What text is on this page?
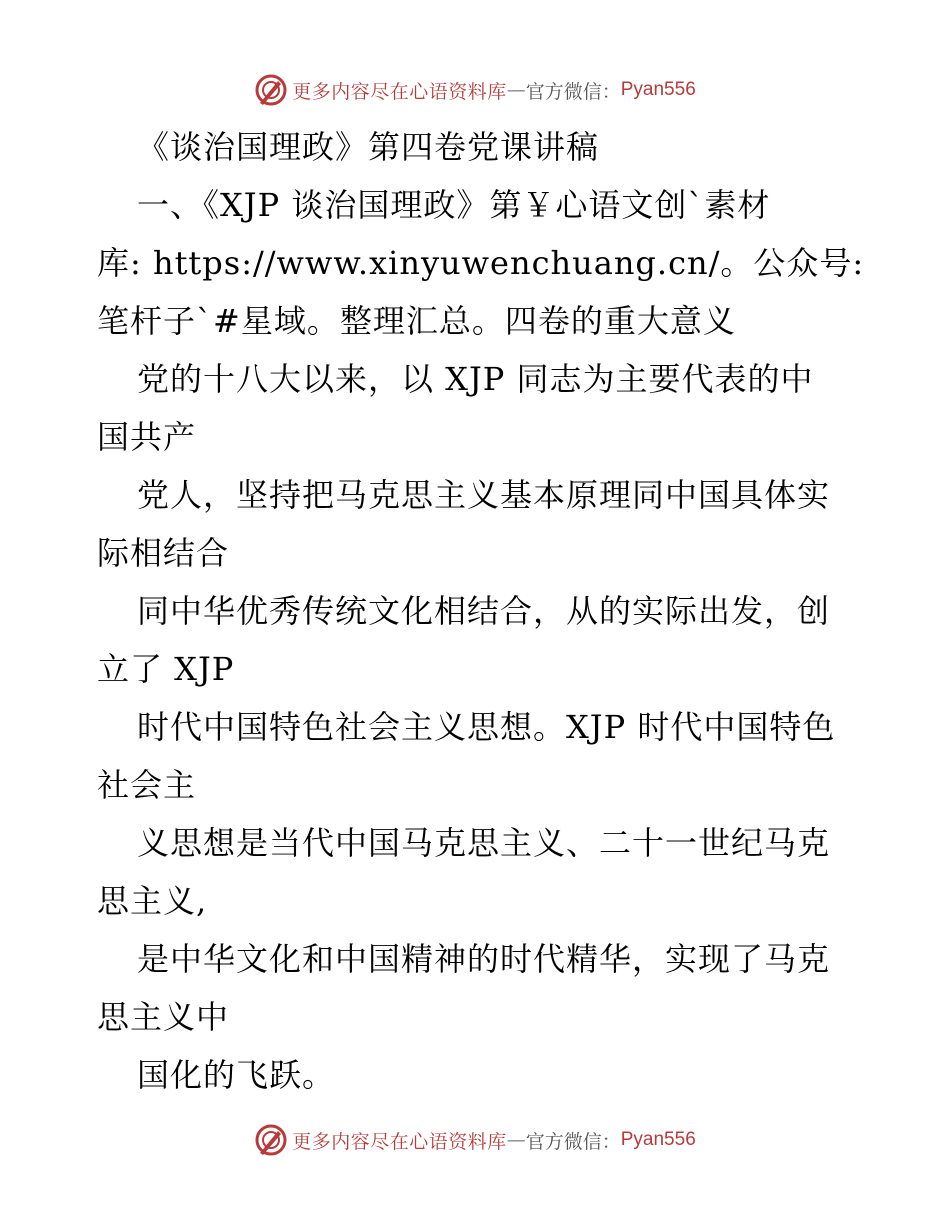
更多内容尽在心语资料库 — 官方微信： Pyan556
《谈治国理政》第四卷党课讲稿
一、《XJP 谈治国理政》第￥心语文创`素材
库: https://www.xinyuwenchuang.cn/。公众号:
笔杆子`#星域。整理汇总。四卷的重大意义
党的十八大以来，以 XJP 同志为主要代表的中
国共产
党人，坚持把马克思主义基本原理同中国具体实
际相结合
同中华优秀传统文化相结合，从的实际出发，创
立了 XJP
时代中国特色社会主义思想。XJP 时代中国特色
社会主
义思想是当代中国马克思主义、二十一世纪马克
思主义,
是中华文化和中国精神的时代精华，实现了马克
思主义中
国化的飞跃。
更多内容尽在心语资料库 — 官方微信： Pyan556
